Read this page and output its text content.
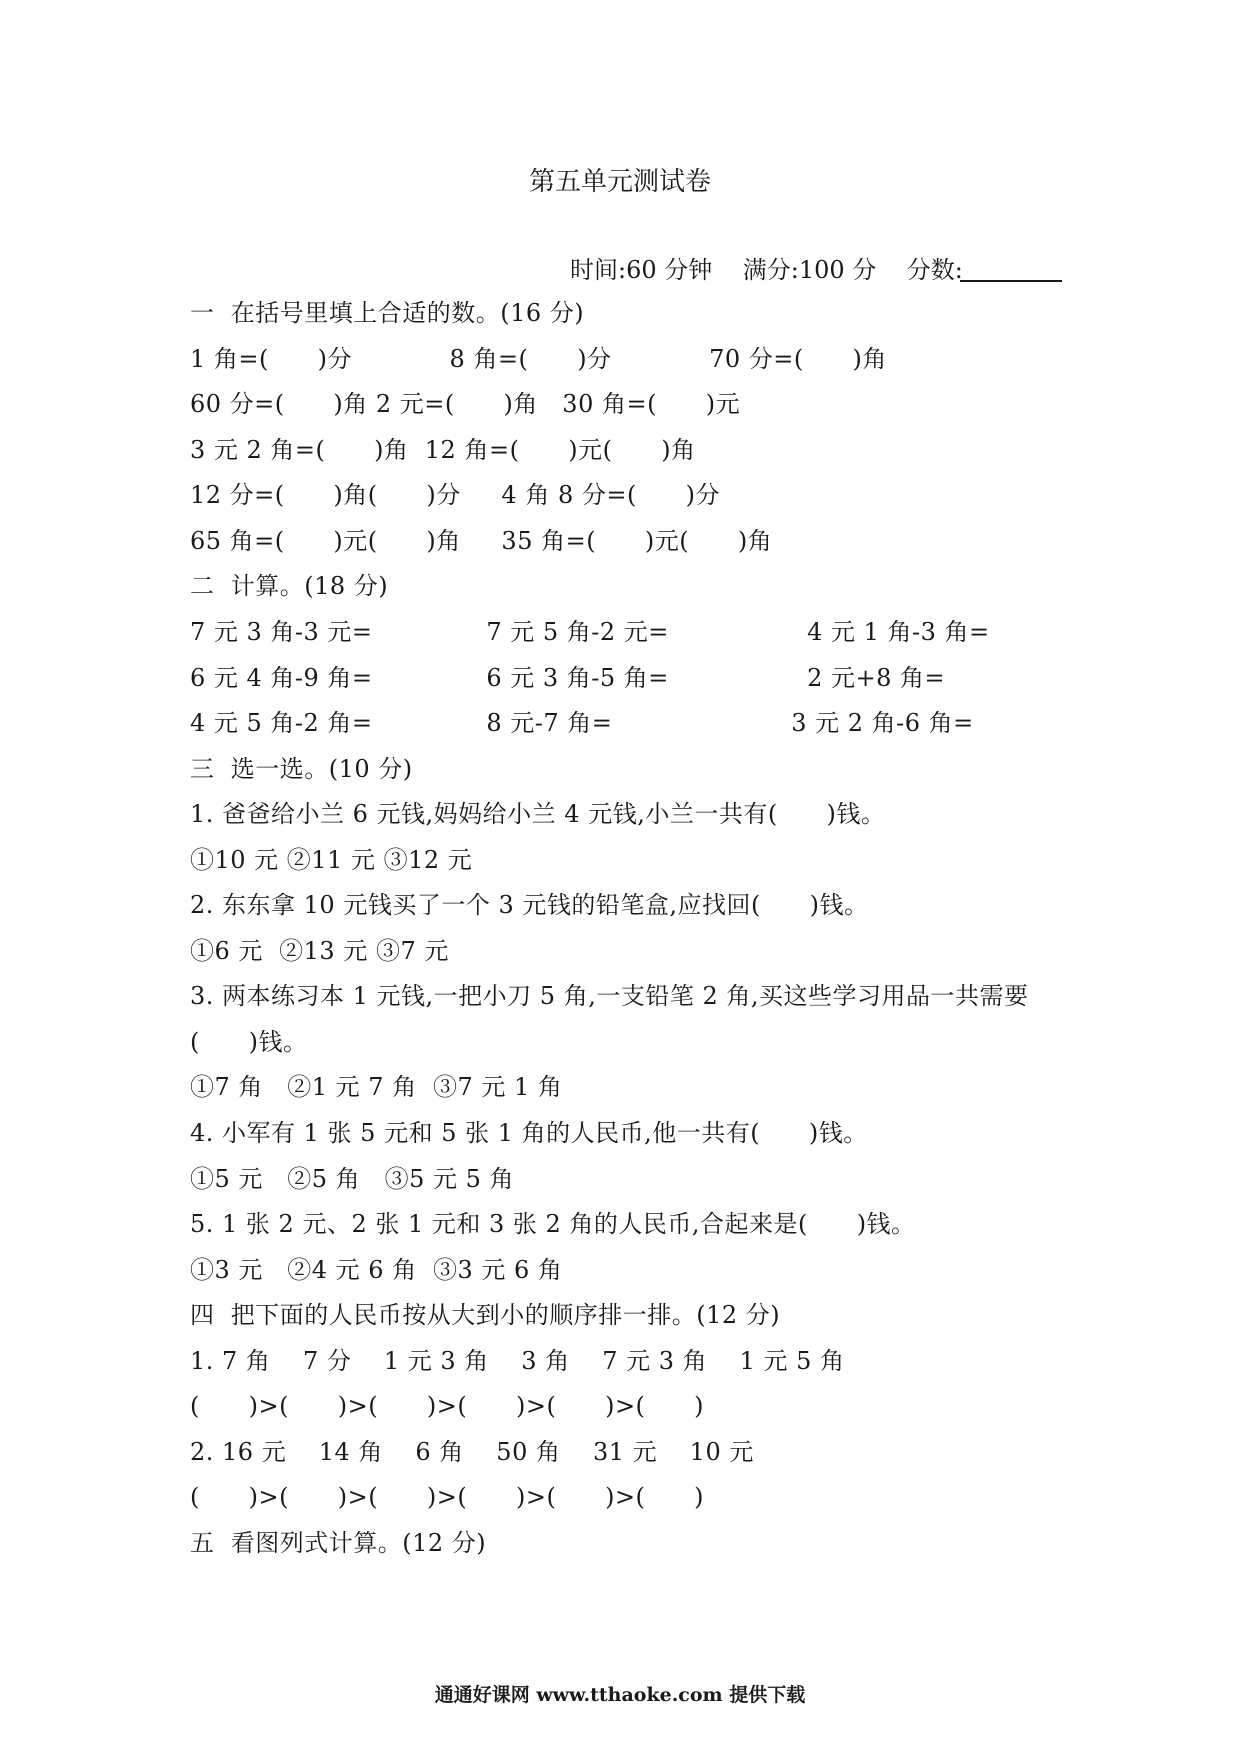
第五单元测试卷
时间:60 分钟    满分:100 分    分数:
一  在括号里填上合适的数。(16 分)
1 角=(      )分            8 角=(      )分            70 分=(      )角
60 分=(      )角 2 元=(      )角   30 角=(      )元
3 元 2 角=(      )角  12 角=(      )元(      )角
12 分=(      )角(      )分     4 角 8 分=(      )分
65 角=(      )元(      )角     35 角=(      )元(      )角
二  计算。(18 分)
7 元 3 角-3 元=              7 元 5 角-2 元=                 4 元 1 角-3 角=
6 元 4 角-9 角=              6 元 3 角-5 角=                 2 元+8 角=
4 元 5 角-2 角=              8 元-7 角=                      3 元 2 角-6 角=
三  选一选。(10 分)
1. 爸爸给小兰 6 元钱,妈妈给小兰 4 元钱,小兰一共有(      )钱。
①10 元 ②11 元 ③12 元
2. 东东拿 10 元钱买了一个 3 元钱的铅笔盒,应找回(      )钱。
①6 元  ②13 元 ③7 元
3. 两本练习本 1 元钱,一把小刀 5 角,一支铅笔 2 角,买这些学习用品一共需要
(      )钱。
①7 角   ②1 元 7 角  ③7 元 1 角
4. 小军有 1 张 5 元和 5 张 1 角的人民币,他一共有(      )钱。
①5 元   ②5 角   ③5 元 5 角
5. 1 张 2 元、2 张 1 元和 3 张 2 角的人民币,合起来是(      )钱。
①3 元   ②4 元 6 角  ③3 元 6 角
四  把下面的人民币按从大到小的顺序排一排。(12 分)
1. 7 角    7 分    1 元 3 角    3 角    7 元 3 角    1 元 5 角
(      )>(      )>(      )>(      )>(      )>(      )
2. 16 元    14 角    6 角    50 角    31 元    10 元
(      )>(      )>(      )>(      )>(      )>(      )
五  看图列式计算。(12 分)
通通好课网 www.tthaoke.com 提供下载
